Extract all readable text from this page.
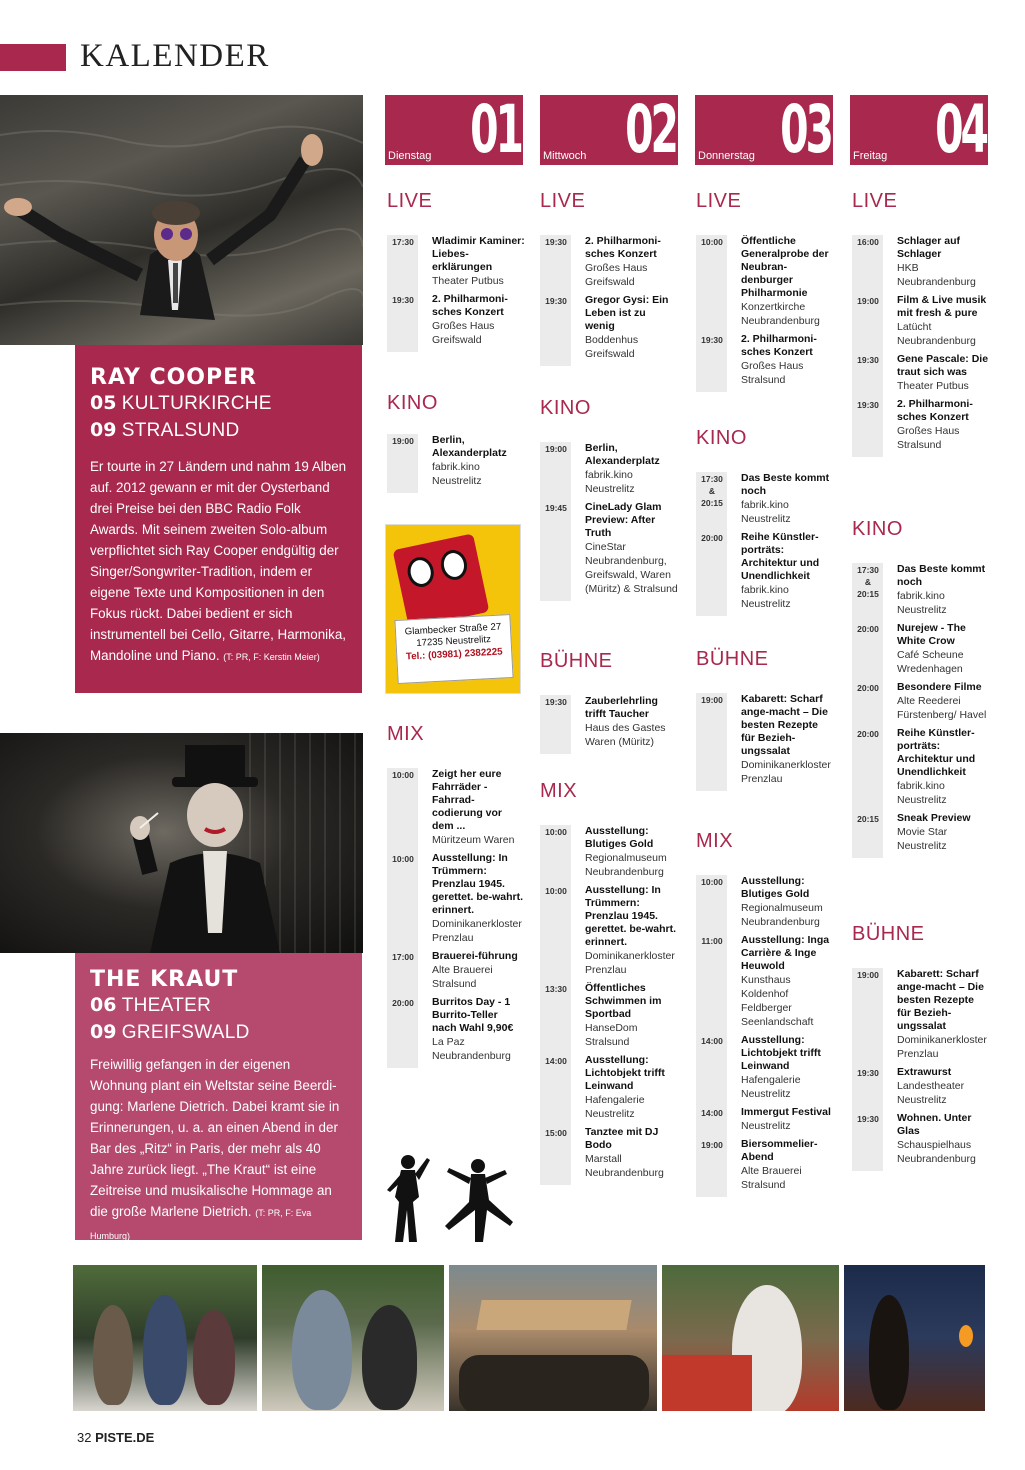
KALENDER
RAY COOPER
05 KULTURKIRCHE
09 STRALSUND
Er tourte in 27 Ländern und nahm 19 Alben auf. 2012 gewann er mit der Oysterband drei Preise bei den BBC Radio Folk Awards. Mit seinem zweiten Solo-album verpflichtet sich Ray Cooper endgültig der Singer/Songwriter-Tradition, indem er eigene Texte und Kompositionen in den Fokus rückt. Dabei bedient er sich instrumentell bei Cello, Gitarre, Harmonika, Mandoline und Piano. (T: PR, F: Kerstin Meier)
THE KRAUT
06 THEATER
09 GREIFSWALD
Freiwillig gefangen in der eigenen Wohnung plant ein Weltstar seine Beerdi-gung: Marlene Dietrich. Dabei kramt sie in Erinnerungen, u. a. an einen Abend in der Bar des „Ritz“ in Paris, der mehr als 40 Jahre zurück liegt. „The Kraut“ ist eine Zeitreise und musikalische Hommage an die große Marlene Dietrich. (T: PR, F: Eva Humburg)
Dienstag 01 Mittwoch 02 Donnerstag 03 Freitag 04
LIVE
17:30 Wladimir Kaminer: Liebes-erklärungen
Theater Putbus
19:30 2. Philharmoni-sches Konzert
Großes Haus Greifswald
KINO
19:00 Berlin, Alexanderplatz
fabrik.kino Neustrelitz
Glambecker Straße 27
17235 Neustrelitz
Tel.: (03981) 2382225
MIX
10:00 Zeigt her eure Fahrräder - Fahrrad-codierung vor dem ...
Müritzeum Waren
10:00 Ausstellung: In Trümmern: Prenzlau 1945. gerettet. be-wahrt. erinnert.
Dominikanerkloster Prenzlau
17:00 Brauerei-führung
Alte Brauerei Stralsund
20:00 Burritos Day - 1 Burrito-Teller nach Wahl 9,90€
La Paz Neubrandenburg
LIVE
19:30 2. Philharmoni-sches Konzert
Großes Haus Greifswald
19:30 Gregor Gysi: Ein Leben ist zu wenig
Boddenhus Greifswald
KINO
19:00 Berlin, Alexanderplatz
fabrik.kino Neustrelitz
19:45 CineLady Glam Preview: After Truth
CineStar Neubrandenburg, Greifswald, Waren (Müritz) & Stralsund
BÜHNE
19:30 Zauberlehrling trifft Taucher
Haus des Gastes Waren (Müritz)
MIX
10:00 Ausstellung: Blutiges Gold
Regionalmuseum Neubrandenburg
10:00 Ausstellung: In Trümmern: Prenzlau 1945. gerettet. be-wahrt. erinnert.
Dominikanerkloster Prenzlau
13:30 Öffentliches Schwimmen im Sportbad
HanseDom Stralsund
14:00 Ausstellung: Lichtobjekt trifft Leinwand
Hafengalerie Neustrelitz
15:00 Tanztee mit DJ Bodo
Marstall Neubrandenburg
LIVE
10:00 Öffentliche Generalprobe der Neubran-denburger Philharmonie
Konzertkirche Neubrandenburg
19:30 2. Philharmoni-sches Konzert
Großes Haus Stralsund
KINO
17:30 & 20:15
Das Beste kommt noch
fabrik.kino Neustrelitz
20:00 Reihe Künstler-porträts: Architektur und Unendlichkeit
fabrik.kino Neustrelitz
BÜHNE
19:00 Kabarett: Scharf ange-macht – Die besten Rezepte für Bezieh-ungssalat
Dominikanerkloster Prenzlau
MIX
10:00 Ausstellung: Blutiges Gold
Regionalmuseum Neubrandenburg
11:00 Ausstellung: Inga Carrière & Inge Heuwold
Kunsthaus Koldenhof Feldberger Seenlandschaft
14:00 Ausstellung: Lichtobjekt trifft Leinwand
Hafengalerie Neustrelitz
14:00 Immergut Festival
Neustrelitz
19:00 Biersommelier-Abend
Alte Brauerei Stralsund
LIVE
16:00 Schlager auf Schlager
HKB Neubrandenburg
19:00 Film & Live musik mit fresh & pure
Latücht Neubrandenburg
19:30 Gene Pascale: Die traut sich was
Theater Putbus
19:30 2. Philharmoni-sches Konzert
Großes Haus Stralsund
KINO
17:30 & 20:15
Das Beste kommt noch
fabrik.kino Neustrelitz
20:00 Nurejew - The White Crow
Café Scheune Wredenhagen
20:00 Besondere Filme
Alte Reederei Fürstenberg/ Havel
20:00 Reihe Künstler-porträts: Architektur und Unendlichkeit
fabrik.kino Neustrelitz
20:15 Sneak Preview
Movie Star Neustrelitz
BÜHNE
19:00 Kabarett: Scharf ange-macht – Die besten Rezepte für Bezieh-ungssalat
Dominikanerkloster Prenzlau
19:30 Extrawurst
Landestheater Neustrelitz
19:30 Wohnen. Unter Glas
Schauspielhaus Neubrandenburg
32 PISTE.DE
